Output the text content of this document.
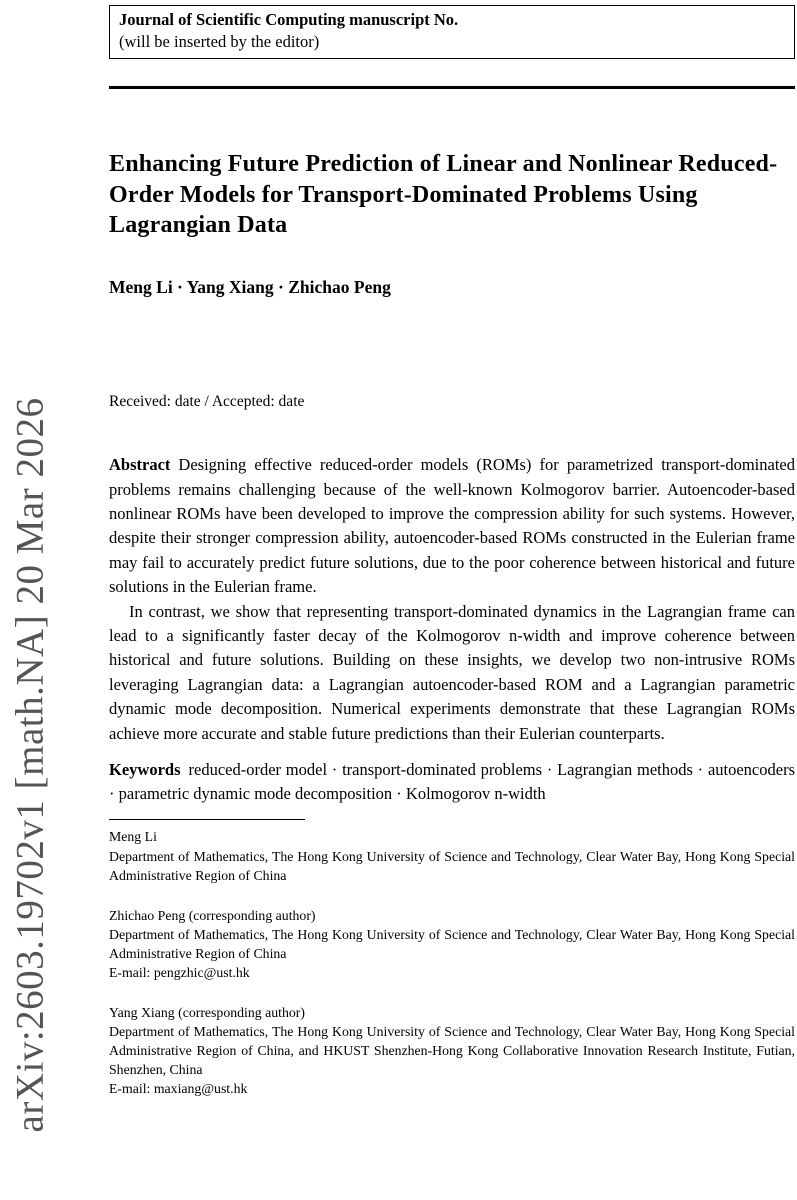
arXiv:2603.19702v1 [math.NA] 20 Mar 2026
Journal of Scientific Computing manuscript No.
(will be inserted by the editor)
Enhancing Future Prediction of Linear and Nonlinear Reduced-Order Models for Transport-Dominated Problems Using Lagrangian Data
Meng Li · Yang Xiang · Zhichao Peng
Received: date / Accepted: date

Abstract Designing effective reduced-order models (ROMs) for parametrized transport-dominated problems remains challenging because of the well-known Kolmogorov barrier. Autoencoder-based nonlinear ROMs have been developed to improve the compression ability for such systems. However, despite their stronger compression ability, autoencoder-based ROMs constructed in the Eulerian frame may fail to accurately predict future solutions, due to the poor coherence between historical and future solutions in the Eulerian frame.

In contrast, we show that representing transport-dominated dynamics in the Lagrangian frame can lead to a significantly faster decay of the Kolmogorov n-width and improve coherence between historical and future solutions. Building on these insights, we develop two non-intrusive ROMs leveraging Lagrangian data: a Lagrangian autoencoder-based ROM and a Lagrangian parametric dynamic mode decomposition. Numerical experiments demonstrate that these Lagrangian ROMs achieve more accurate and stable future predictions than their Eulerian counterparts.

Keywords reduced-order model · transport-dominated problems · Lagrangian methods · autoencoders · parametric dynamic mode decomposition · Kolmogorov n-width

Meng Li
Department of Mathematics, The Hong Kong University of Science and Technology, Clear Water Bay, Hong Kong Special Administrative Region of China
Zhichao Peng (corresponding author)
Department of Mathematics, The Hong Kong University of Science and Technology, Clear Water Bay, Hong Kong Special Administrative Region of China
E-mail: pengzhic@ust.hk
Yang Xiang (corresponding author)
Department of Mathematics, The Hong Kong University of Science and Technology, Clear Water Bay, Hong Kong Special Administrative Region of China, and HKUST Shenzhen-Hong Kong Collaborative Innovation Research Institute, Futian, Shenzhen, China
E-mail: maxiang@ust.hk
